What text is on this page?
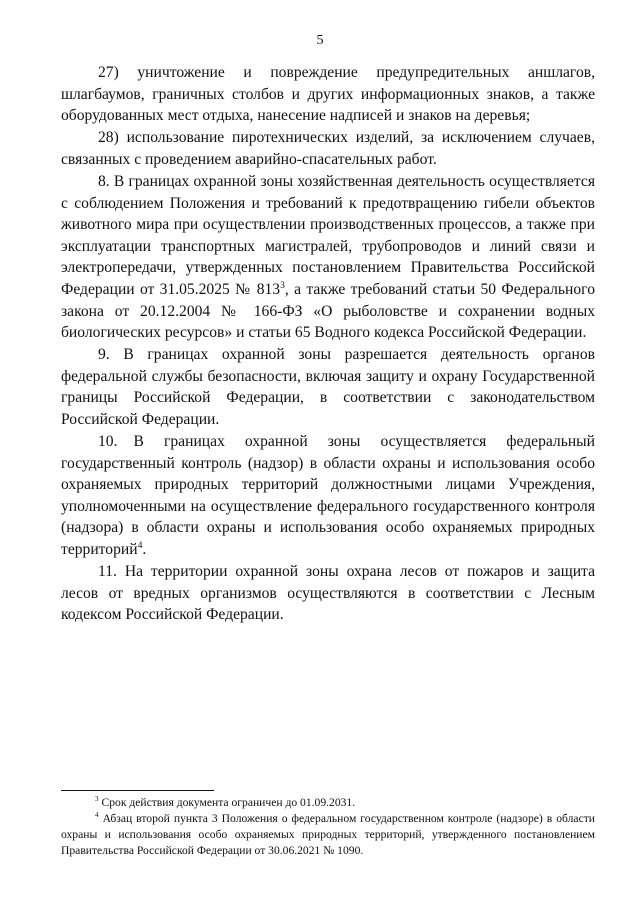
5

27)    уничтожение    и    повреждение    предупредительных    аншлагов, шлагбаумов, граничных столбов и других информационных знаков, а также оборудованных мест отдыха, нанесение надписей и знаков на деревья;

28) использование пиротехнических изделий, за исключением случаев, связанных с проведением аварийно-спасательных работ.

8. В границах охранной зоны хозяйственная деятельность осуществляется с соблюдением Положения и требований к предотвращению гибели объектов животного мира при осуществлении производственных процессов, а также при эксплуатации транспортных магистралей, трубопроводов и линий связи и электропередачи, утвержденных постановлением Правительства Российской Федерации от 31.05.2025 № $813^3$, а также требований статьи 50 Федерального закона от 20.12.2004 № 166-ФЗ «О рыболовстве и сохранении водных биологических ресурсов» и статьи 65 Водного кодекса Российской Федерации.

9. В границах охранной зоны разрешается деятельность органов федеральной службы безопасности, включая защиту и охрану Государственной границы Российской Федерации, в соответствии с законодательством Российской Федерации.

10.    В     границах     охранной     зоны     осуществляется     федеральный государственный контроль (надзор) в области охраны и использования особо охраняемых природных территорий должностными лицами Учреждения, уполномоченными на осуществление федерального государственного контроля (надзора) в области охраны и использования особо охраняемых природных территорий$^4$.

11. На территории охранной зоны охрана лесов от пожаров и защита лесов от вредных организмов осуществляются в соответствии с Лесным кодексом Российской Федерации.

$^3$ Срок действия документа ограничен до 01.09.2031.

$^4$ Абзац второй пункта 3 Положения о федеральном государственном контроле (надзоре) в области охраны и использования особо охраняемых природных территорий, утвержденного постановлением Правительства Российской Федерации от 30.06.2021 № 1090.
